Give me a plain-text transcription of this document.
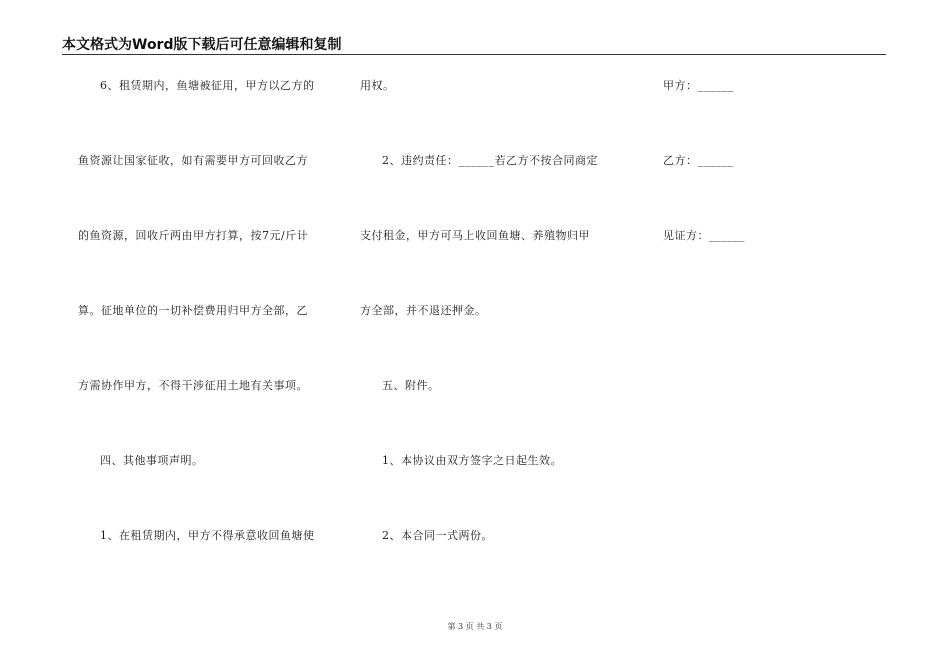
本文格式为Word版下载后可任意编辑和复制
6、租赁期内，鱼塘被征用，甲方以乙方的
鱼资源让国家征收，如有需要甲方可回收乙方
的鱼资源，回收斤两由甲方打算，按7元/斤计
算。征地单位的一切补偿费用归甲方全部，乙
方需协作甲方，不得干涉征用土地有关事项。
四、其他事项声明。
1、在租赁期内，甲方不得承意收回鱼塘使
用权。
2、违约责任：______若乙方不按合同商定
支付租金，甲方可马上收回鱼塘、养殖物归甲
方全部，并不退还押金。
五、附件。
1、本协议由双方签字之日起生效。
2、本合同一式两份。
甲方：______
乙方：______
见证方：______
第 3 页 共 3 页
